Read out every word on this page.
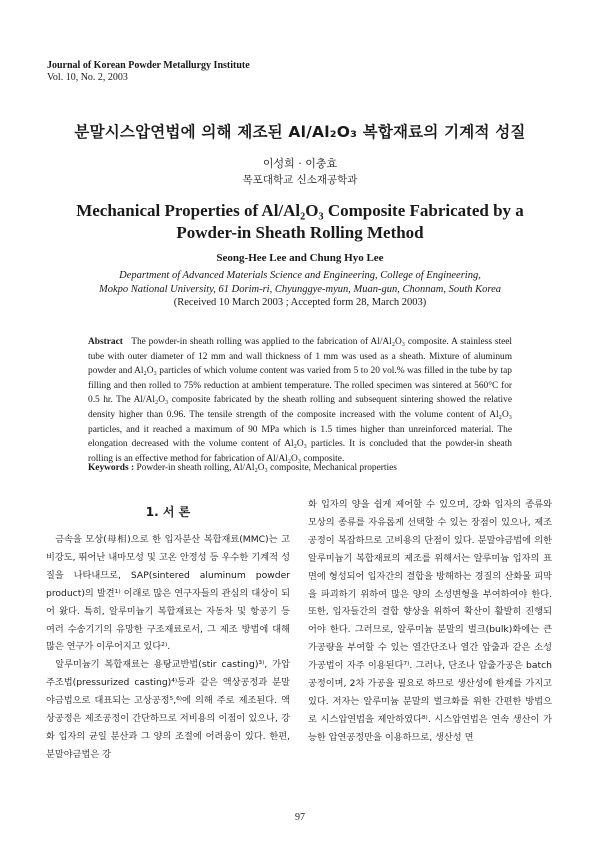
Journal of Korean Powder Metallurgy Institute
Vol. 10, No. 2, 2003
분말시스압연법에 의해 제조된 Al/Al₂O₃ 복합재료의 기계적 성질
이성희 · 이충효
목포대학교 신소재공학과
Mechanical Properties of Al/Al₂O₃ Composite Fabricated by a
Powder-in Sheath Rolling Method
Seong-Hee Lee and Chung Hyo Lee
Department of Advanced Materials Science and Engineering, College of Engineering,
Mokpo National University, 61 Dorim-ri, Chyunggye-myun, Muan-gun, Chonnam, South Korea
(Received 10 March 2003 ; Accepted form 28, March 2003)
Abstract The powder-in sheath rolling was applied to the fabrication of Al/Al₂O₃ composite. A stainless steel tube with outer diameter of 12 mm and wall thickness of 1 mm was used as a sheath. Mixture of aluminum powder and Al₂O₃ particles of which volume content was varied from 5 to 20 vol.% was filled in the tube by tap filling and then rolled to 75% reduction at ambient temperature. The rolled specimen was sintered at 560°C for 0.5 hr. The Al/Al₂O₃ composite fabricated by the sheath rolling and subsequent sintering showed the relative density higher than 0.96. The tensile strength of the composite increased with the volume content of Al₂O₃ particles, and it reached a maximum of 90 MPa which is 1.5 times higher than unreinforced material. The elongation decreased with the volume content of Al₂O₃ particles. It is concluded that the powder-in sheath rolling is an effective method for fabrication of Al/Al₂O₃ composite.
Keywords : Powder-in sheath rolling, Al/Al₂O₃ composite, Mechanical properties
1. 서 론

금속을 모상(母相)으로 한 입자분산 복합재료(MMC)는 고비강도, 뛰어난 내마모성 및 고온 안정성 등 우수한 기계적 성질을 나타내므로, SAP(sintered aluminum powder product)의 발견¹⁾ 이래로 많은 연구자들의 관심의 대상이 되어 왔다. 특히, 알루미늄기 복합재료는 자동차 및 항공기 등 여러 수송기기의 유망한 구조재료로서, 그 제조 방법에 대해 많은 연구가 이루어지고 있다²⁾.

알루미늄기 복합재료는 용탕교반법(stir casting)³⁾, 가압주조법(pressurized casting)⁴⁾등과 같은 액상공정과 분말야금법으로 대표되는 고상공정⁵,⁶⁾에 의해 주로 제조된다. 액상공정은 제조공정이 간단하므로 저비용의 이점이 있으나, 강화 입자의 균일 분산과 그 양의 조절에 어려움이 있다. 한편, 분말야금법은 강

화 입자의 양을 쉽게 제어할 수 있으며, 강화 입자의 종류와 모상의 종류를 자유롭게 선택할 수 있는 장점이 있으나, 제조 공정이 복잡하므로 고비용의 단점이 있다. 분말야금법에 의한 알루미늄기 복합재료의 제조를 위해서는 알루미늄 입자의 표면에 형성되어 입자간의 결합을 방해하는 경질의 산화물 피막을 파괴하기 위하여 많은 양의 소성변형을 부여하여야 한다. 또한, 입자들간의 결합 향상을 위하여 확산이 활발히 진행되어야 한다. 그러므로, 알루미늄 분말의 벌크(bulk)화에는 큰 가공량을 부여할 수 있는 열간단조나 열간 압출과 같은 소성가공법이 자주 이용된다⁷⁾. 그러나, 단조나 압출가공은 batch 공정이며, 2차 가공을 필요로 하므로 생산성에 한계를 가지고 있다. 저자는 알루미늄 분말의 벌크화를 위한 간편한 방법으로 시스압연법을 제안하였다⁸⁾. 시스압연법은 연속 생산이 가능한 압연공정만을 이용하므로, 생산성 면

97
